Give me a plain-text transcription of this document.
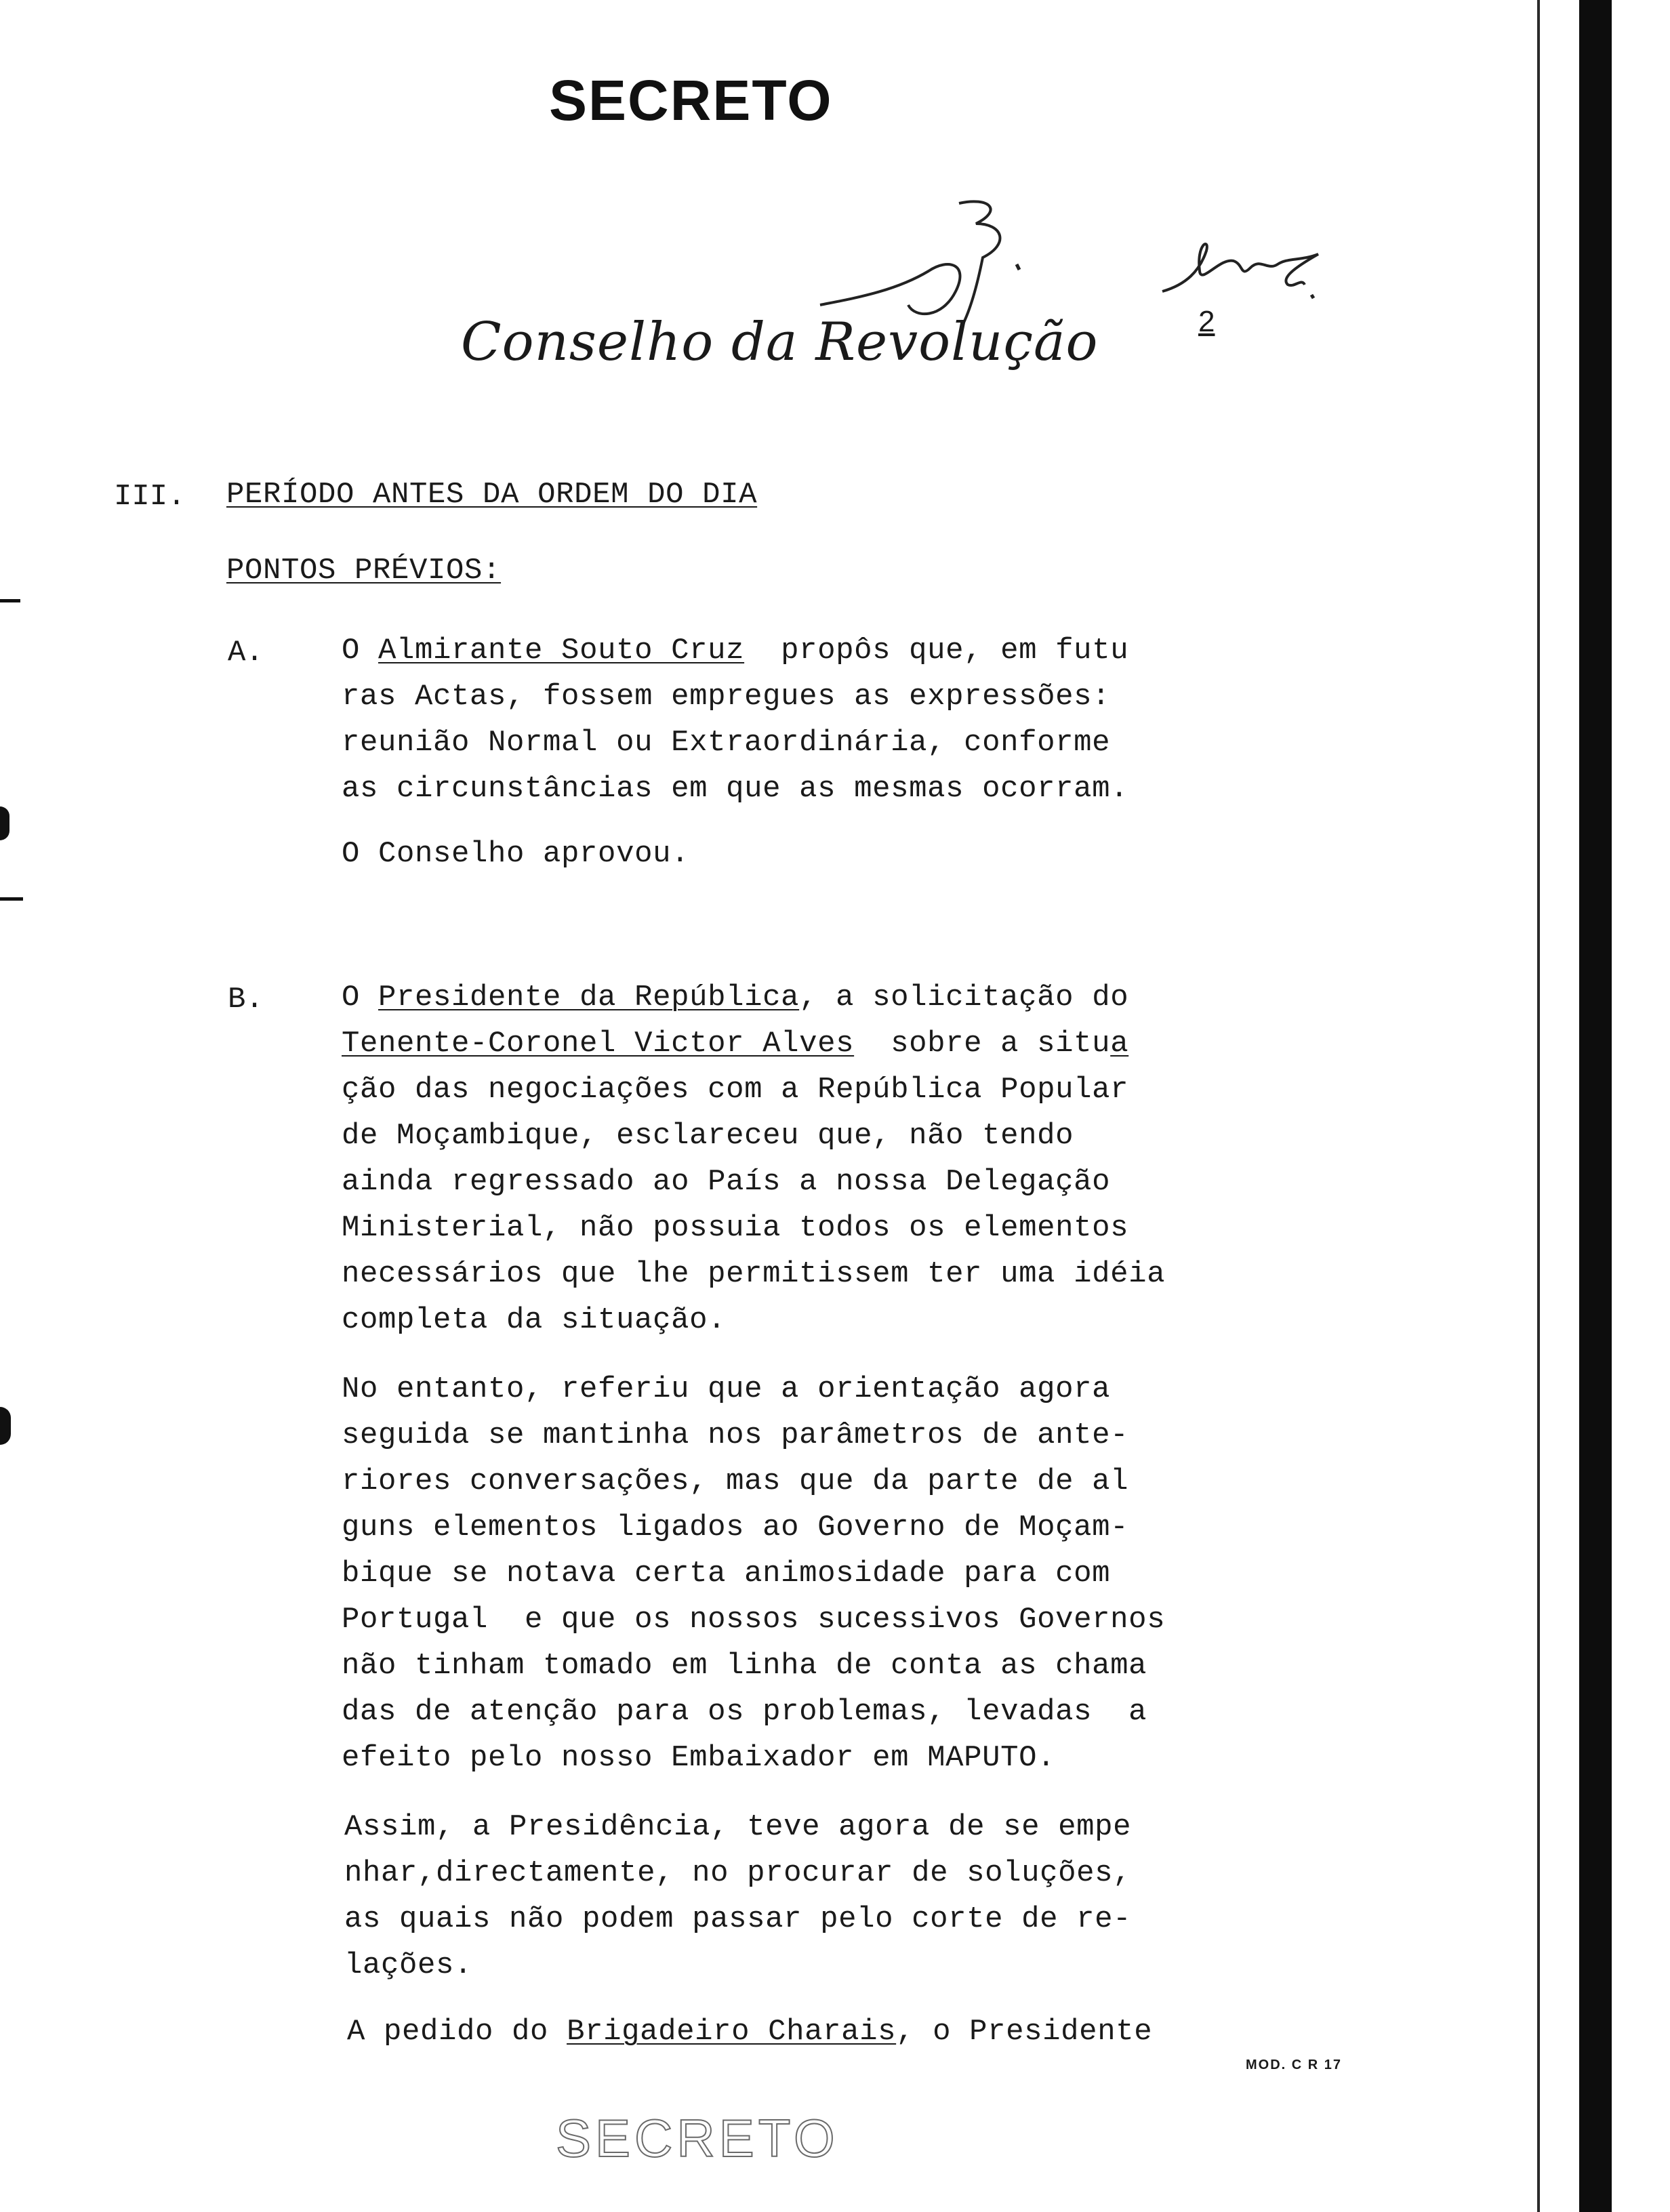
SECRETO
2
Conselho da Revolução
III. PERÍODO ANTES DA ORDEM DO DIA
PONTOS PRÉVIOS:
A.	O Almirante Souto Cruz  propôs que, em futu
ras Actas, fossem empregues as expressões:
reunião Normal ou Extraordinária, conforme
as circunstâncias em que as mesmas ocorram.
O Conselho aprovou.
B.	O Presidente da República, a solicitação do
Tenente-Coronel Victor Alves  sobre a situa
ção das negociações com a República Popular
de Moçambique, esclareceu que, não tendo
ainda regressado ao País a nossa Delegação
Ministerial, não possuia todos os elementos
necessários que lhe permitissem ter uma idéia
completa da situação.
No entanto, referiu que a orientação agora
seguida se mantinha nos parâmetros de ante-
riores conversações, mas que da parte de al
guns elementos ligados ao Governo de Moçam-
bique se notava certa animosidade para com
Portugal  e que os nossos sucessivos Governos
não tinham tomado em linha de conta as chama
das de atenção para os problemas, levadas  a
efeito pelo nosso Embaixador em MAPUTO.
Assim, a Presidência, teve agora de se empe
nhar,directamente, no procurar de soluções,
as quais não podem passar pelo corte de re-
lações.
A pedido do Brigadeiro Charais, o Presidente
MOD. C R 17
SECRETO
